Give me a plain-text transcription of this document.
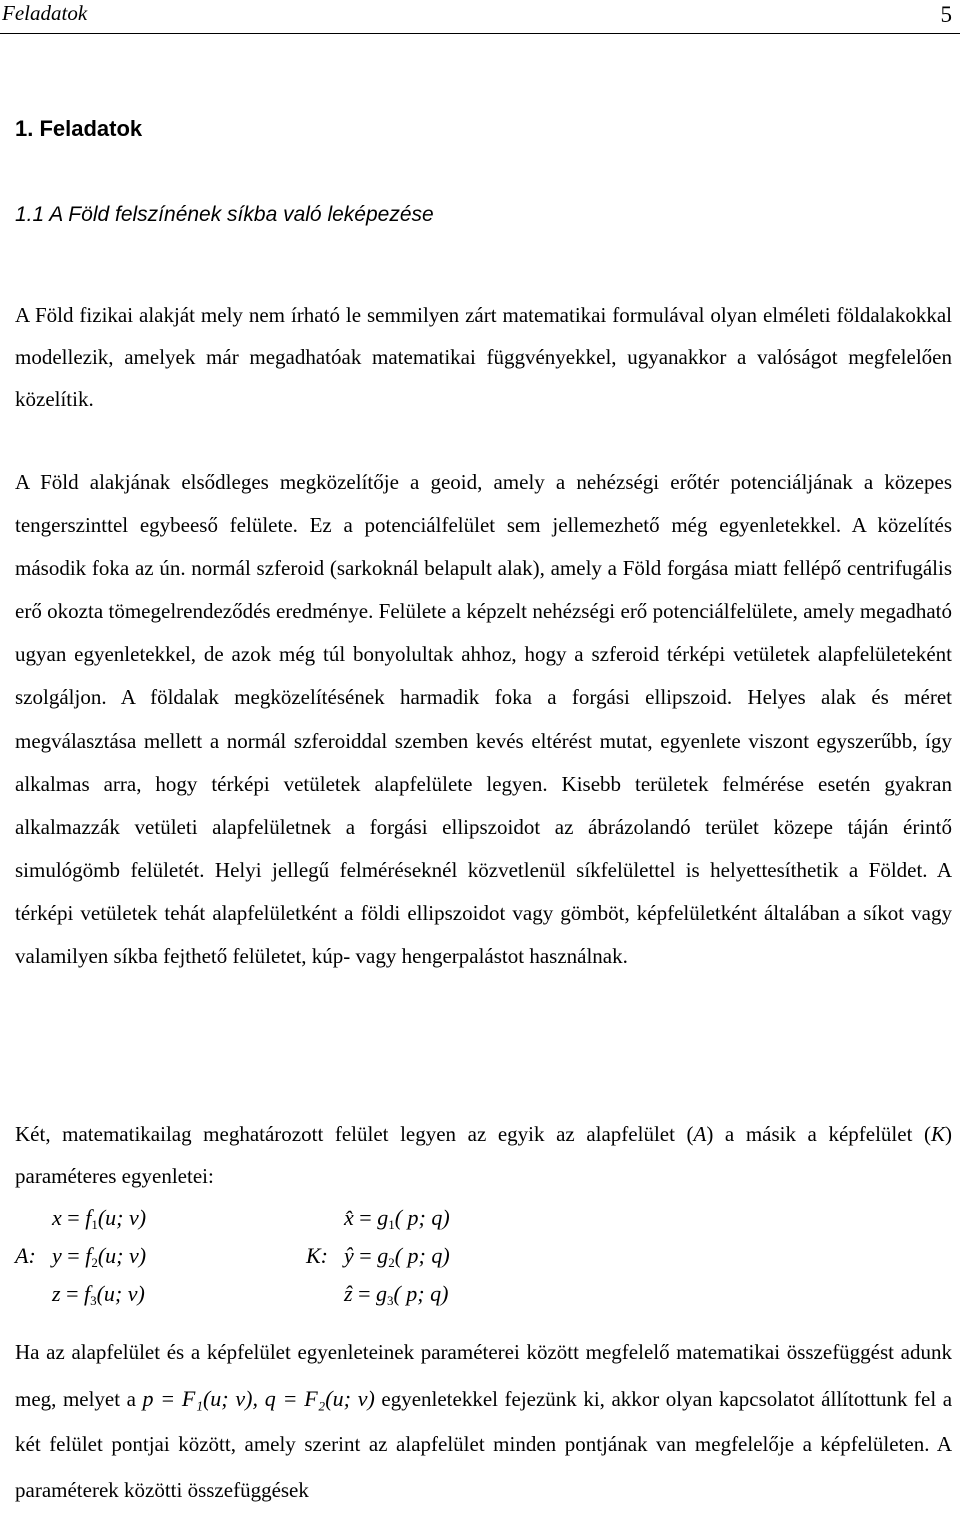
Feladatok	5
1. Feladatok
1.1 A Föld felszínének síkba való leképezése

A Föld fizikai alakját mely nem írható le semmilyen zárt matematikai formulával olyan elméleti földalakokkal modellezik, amelyek már megadhatóak matematikai függvényekkel, ugyanakkor a valóságot megfelelően közelítik.

A Föld alakjának elsődleges megközelítője a geoid, amely a nehézségi erőtér potenciáljának a közepes tengerszinttel egybeeső felülete. Ez a potenciálfelület sem jellemezhető még egyenletekkel. A közelítés második foka az ún. normál szferoid (sarkoknál belapult alak), amely a Föld forgása miatt fellépő centrifugális erő okozta tömegelrendeződés eredménye. Felülete a képzelt nehézségi erő potenciálfelülete, amely megadható ugyan egyenletekkel, de azok még túl bonyolultak ahhoz, hogy a szferoid térképi vetületek alapfelületeként szolgáljon. A földalak megközelítésének harmadik foka a forgási ellipszoid. Helyes alak és méret megválasztása mellett a normál szferoiddal szemben kevés eltérést mutat, egyenlete viszont egyszerűbb, így alkalmas arra, hogy térképi vetületek alapfelülete legyen. Kisebb területek felmérése esetén gyakran alkalmazzák vetületi alapfelületnek a forgási ellipszoidot az ábrázolandó terület közepe táján érintő simulógömb felületét. Helyi jellegű felméréseknél közvetlenül síkfelülettel is helyettesíthetik a Földet. A térképi vetületek tehát alapfelületként a földi ellipszoidot vagy gömböt, képfelületként általában a síkot vagy valamilyen síkba fejthető felületet, kúp- vagy hengerpalástot használnak.

Két, matematikailag meghatározott felület legyen az egyik az alapfelület (A) a másik a képfelület (K) paraméteres egyenletei:

A:	K:
$x = f_1(u$; v)
$y = f_2(u$; v)
$z = f_3(u$; v)
x̂ = $g_1$( p; q)
ŷ = $g_2$( p; q)
ẑ = $g_3$( p; q)

Ha az alapfelület és a képfelület egyenleteinek paraméterei között megfelelő matematikai összefüggést adunk meg, melyet a p = F₁(u; v), q = F₂(u; v) egyenletekkel fejezünk ki, akkor olyan kapcsolatot állítottunk fel a két felület pontjai között, amely szerint az alapfelület minden pontjának van megfelelője a képfelületen. A paraméterek közötti összefüggések
